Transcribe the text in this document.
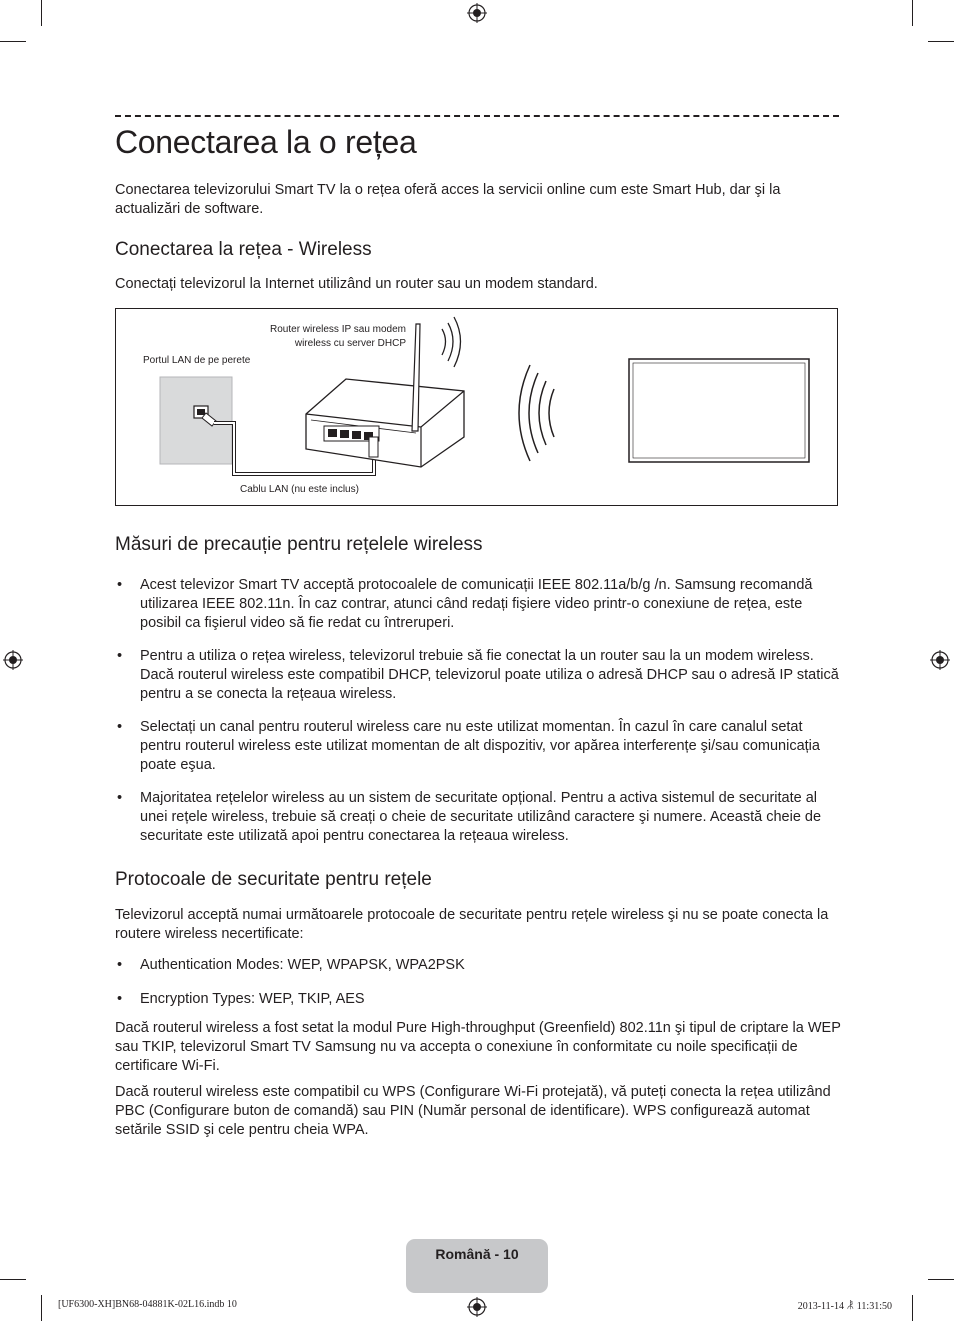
Conectarea la o rețea

Conectarea televizorului Smart TV la o rețea oferă acces la servicii online cum este Smart Hub, dar şi la actualizări de software.

Conectarea la rețea - Wireless

Conectați televizorul la Internet utilizând un router sau un modem standard.

Router wireless IP sau modem
wireless cu server DHCP
Portul LAN de pe perete
Cablu LAN (nu este inclus)
Măsuri de precauție pentru rețelele wireless
• Acest televizor Smart TV acceptă protocoalele de comunicații IEEE 802.11a/b/g /n. Samsung recomandă utilizarea IEEE 802.11n. În caz contrar, atunci când redați fişiere video printr-o conexiune de rețea, este posibil ca fişierul video să fie redat cu întreruperi.
• Pentru a utiliza o rețea wireless, televizorul trebuie să fie conectat la un router sau la un modem wireless. Dacă routerul wireless este compatibil DHCP, televizorul poate utiliza o adresă DHCP sau o adresă IP statică pentru a se conecta la rețeaua wireless.
• Selectați un canal pentru routerul wireless care nu este utilizat momentan. În cazul în care canalul setat pentru routerul wireless este utilizat momentan de alt dispozitiv, vor apărea interferențe şi/sau comunicația poate eşua.
• Majoritatea rețelelor wireless au un sistem de securitate opțional. Pentru a activa sistemul de securitate al unei rețele wireless, trebuie să creați o cheie de securitate utilizând caractere şi numere. Această cheie de securitate este utilizată apoi pentru conectarea la rețeaua wireless.
Protocoale de securitate pentru rețele

Televizorul acceptă numai următoarele protocoale de securitate pentru rețele wireless şi nu se poate conecta la routere wireless necertificate:

• Authentication Modes: WEP, WPAPSK, WPA2PSK
• Encryption Types: WEP, TKIP, AES

Dacă routerul wireless a fost setat la modul Pure High-throughput (Greenfield) 802.11n şi tipul de criptare la WEP sau TKIP, televizorul Smart TV Samsung nu va accepta o conexiune în conformitate cu noile specificații de certificare Wi-Fi.

Dacă routerul wireless este compatibil cu WPS (Configurare Wi-Fi protejată), vă puteți conecta la rețea utilizând PBC (Configurare buton de comandă) sau PIN (Număr personal de identificare). WPS configurează automat setările SSID şi cele pentru cheia WPA.

Română - 10
[UF6300-XH]BN68-04881K-02L16.indb 10	2013-11-14 ꂿ 11:31:50
